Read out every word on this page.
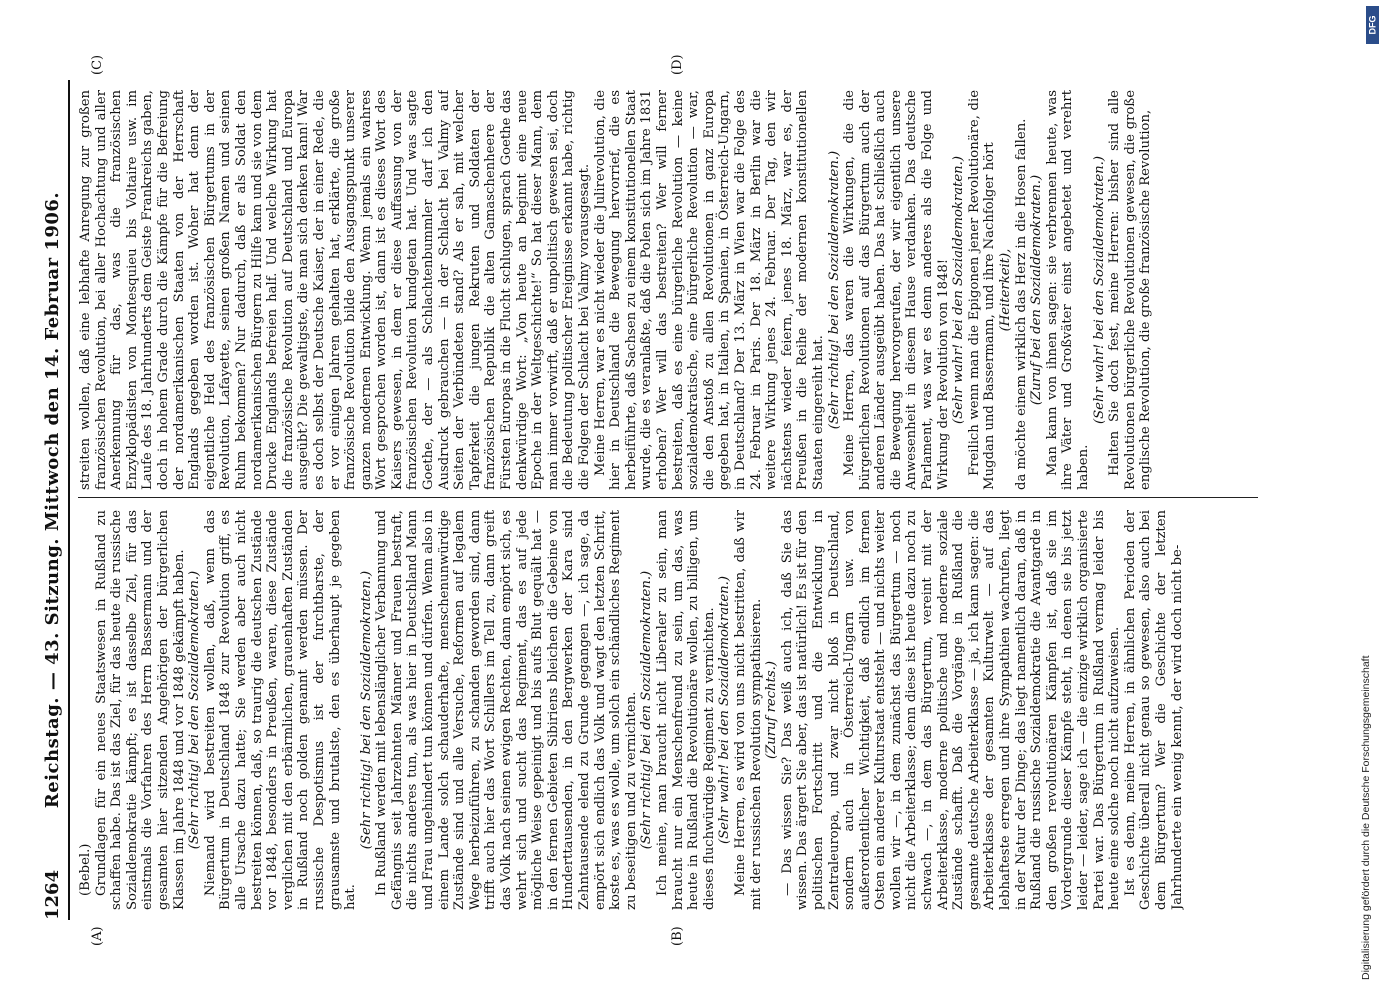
1264
Reichstag. — 43. Sitzung. Mittwoch den 14. Februar 1906.
(A)	(B)
(C)	(D)

(Bebel.) Grundlagen für ein neues Staatswesen in Rußland zu schaffen habe. Das ist das Ziel, für das heute die russische Sozialdemokratie kämpft; es ist dasselbe Ziel, für das einstmals die Vorfahren des Herrn Bassermann und der gesamten hier sitzenden Angehörigen der bürgerlichen Klassen im Jahre 1848 und vor 1848 gekämpft haben. (Sehr richtig! bei den Sozialdemokraten.) Niemand wird bestreiten wollen, daß, wenn das Bürgertum in Deutschland 1848 zur Revolution griff, es alle Ursache dazu hatte; Sie werden aber auch nicht bestreiten können, daß, so traurig die deutschen Zustände vor 1848, besonders in Preußen, waren, diese Zustände verglichen mit den erbärmlichen, grauenhaften Zuständen in Rußland noch golden genannt werden müssen. Der russische Despotismus ist der furchtbarste, der grausamste und brutalste, den es überhaupt je gegeben hat.

(Sehr richtig! bei den Sozialdemokraten.) In Rußland werden mit lebenslänglicher Verbannung und Gefängnis seit Jahrzehnten Männer und Frauen bestraft, die nichts anderes tun, als was hier in Deutschland Mann und Frau ungehindert tun können und dürfen. Wenn also in einem Lande solch schauderhafte, menschenunwürdige Zustände sind und alle Versuche, Reformen auf legalem Wege herbeizuführen, zu schanden geworden sind, dann trifft auch hier das Wort Schillers im Tell zu, dann greift das Volk nach seinen ewigen Rechten, dann empört sich, es wehrt sich und sucht das Regiment, das es auf jede mögliche Weise gepeinigt und bis aufs Blut gequält hat — in den fernen Gebieten Sibiriens bleichen die Gebeine von Hunderttausenden, in den Bergwerken der Kara sind Zehntausende elend zu Grunde gegangen —, ich sage, da empört sich endlich das Volk und wagt den letzten Schritt, koste es, was es wolle, um solch ein schändliches Regiment zu beseitigen und zu vernichten. (Sehr richtig! bei den Sozialdemokraten.) Ich meine, man braucht nicht Liberaler zu sein, man braucht nur ein Menschenfreund zu sein, um das, was heute in Rußland die Revolutionäre wollen, zu billigen, um dieses fluchwürdige Regiment zu vernichten. (Sehr wahr! bei den Sozialdemokraten.) Meine Herren, es wird von uns nicht bestritten, daß wir mit der russischen Revolution sympathisieren. (Zuruf rechts.) — Das wissen Sie? Das weiß auch ich, daß Sie das wissen. Das ärgert Sie aber, das ist natürlich! Es ist für den politischen Fortschritt und die Entwicklung in Zentraleuropa, und zwar nicht bloß in Deutschland, sondern auch in Österreich-Ungarn usw. von außerordentlicher Wichtigkeit, daß endlich im fernen Osten ein anderer Kulturstaat entsteht — und nichts weiter wollen wir —, in dem zunächst das Bürgertum — noch nicht die Arbeiterklasse; denn diese ist heute dazu noch zu schwach —, in dem das Bürgertum, vereint mit der Arbeiterklasse, moderne politische und moderne soziale Zustände schafft. Daß die Vorgänge in Rußland die gesamte deutsche Arbeiterklasse — ja, ich kann sagen: die Arbeiterklasse der gesamten Kulturwelt — auf das lebhafteste erregen und ihre Sympathien wachrufen, liegt in der Natur der Dinge; das liegt namentlich daran, daß in Rußland die russische Sozialdemokratie die Avantgarde in den großen revolutionären Kämpfen ist, daß sie im Vordergrunde dieser Kämpfe steht, in denen sie bis jetzt leider — leider, sage ich — die einzige wirklich organisierte Partei war. Das Bürgertum in Rußland vermag leider bis heute eine solche noch nicht aufzuweisen. Ist es denn, meine Herren, in ähnlichen Perioden der Geschichte überall nicht genau so gewesen, also auch bei dem Bürgertum? Wer die Geschichte der letzten Jahrhunderte ein wenig kennt, der wird doch nicht be-

streiten wollen, daß eine lebhafte Anregung zur großen französischen Revolution, bei aller Hochachtung und aller Anerkennung für das, was die französischen Enzyklopädisten von Montesquieu bis Voltaire usw. im Laufe des 18. Jahrhunderts dem Geiste Frankreichs gaben, doch in hohem Grade durch die Kämpfe für die Befreiung der nordamerikanischen Staaten von der Herrschaft Englands gegeben worden ist. Woher hat denn der eigentliche Held des französischen Bürgertums in der Revolution, Lafayette, seinen großen Namen und seinen Ruhm bekommen? Nur dadurch, daß er als Soldat den nordamerikanischen Bürgern zu Hilfe kam und sie von dem Drucke Englands befreien half. Und welche Wirkung hat die französische Revolution auf Deutschland und Europa ausgeübt? Die gewaltigste, die man sich denken kann! War es doch selbst der Deutsche Kaiser, der in einer Rede, die er vor einigen Jahren gehalten hat, erklärte, die große französische Revolution bilde den Ausgangspunkt unserer ganzen modernen Entwicklung. Wenn jemals ein wahres Wort gesprochen worden ist, dann ist es dieses Wort des Kaisers gewesen, in dem er diese Auffassung von der französischen Revolution kundgetan hat. Und was sagte Goethe, der — als Schlachtenbummler darf ich den Ausdruck gebrauchen — in der Schlacht bei Valmy auf Seiten der Verbündeten stand? Als er sah, mit welcher Tapferkeit die jungen Rekruten und Soldaten der französischen Republik die alten Gamaschenheere der Fürsten Europas in die Flucht schlugen, sprach Goethe das denkwürdige Wort: „Von heute an beginnt eine neue Epoche in der Weltgeschichte!“ So hat dieser Mann, dem man immer vorwirft, daß er unpolitisch gewesen sei, doch die Bedeutung politischer Ereignisse erkannt habe, richtig die Folgen der Schlacht bei Valmy vorausgesagt. Meine Herren, war es nicht wieder die Julirevolution, die hier in Deutschland die Bewegung hervorrief, die es herbeiführte, daß Sachsen zu einem konstitutionellen Staat wurde, die es veranlaßte, daß die Polen sich im Jahre 1831 erhoben? Wer will das bestreiten? Wer will ferner bestreiten, daß es eine bürgerliche Revolution — keine sozialdemokratische, eine bürgerliche Revolution — war, die den Anstoß zu allen Revolutionen in ganz Europa gegeben hat, in Italien, in Spanien, in Österreich-Ungarn, in Deutschland? Der 13. März in Wien war die Folge des 24. Februar in Paris. Der 18. März in Berlin war die weitere Wirkung jenes 24. Februar. Der Tag, den wir nächstens wieder feiern, jenes 18. März, war es, der Preußen in die Reihe der modernen konstitutionellen Staaten eingereiht hat. (Sehr richtig! bei den Sozialdemokraten.) Meine Herren, das waren die Wirkungen, die die bürgerlichen Revolutionen auf das Bürgertum auch der anderen Länder ausgeübt haben. Das hat schließlich auch die Bewegung hervorgerufen, der wir eigentlich unsere Anwesenheit in diesem Hause verdanken. Das deutsche Parlament, was war es denn anderes als die Folge und Wirkung der Revolution von 1848! (Sehr wahr! bei den Sozialdemokraten.) Freilich wenn man die Epigonen jener Revolutionäre, die Mugdan und Bassermann, und ihre Nachfolger hört (Heiterkeit), da möchte einem wirklich das Herz in die Hosen fallen. (Zuruf bei den Sozialdemokraten.) Man kann von ihnen sagen: sie verbrennen heute, was ihre Väter und Großväter einst angebetet und verehrt haben.

(Sehr wahr! bei den Sozialdemokraten.) Halten Sie doch fest, meine Herren: bisher sind alle Revolutionen bürgerliche Revolutionen gewesen, die große englische Revolution, die große französische Revolution,

Digitalisierung gefördert durch die Deutsche Forschungsgemeinschaft
DFG
